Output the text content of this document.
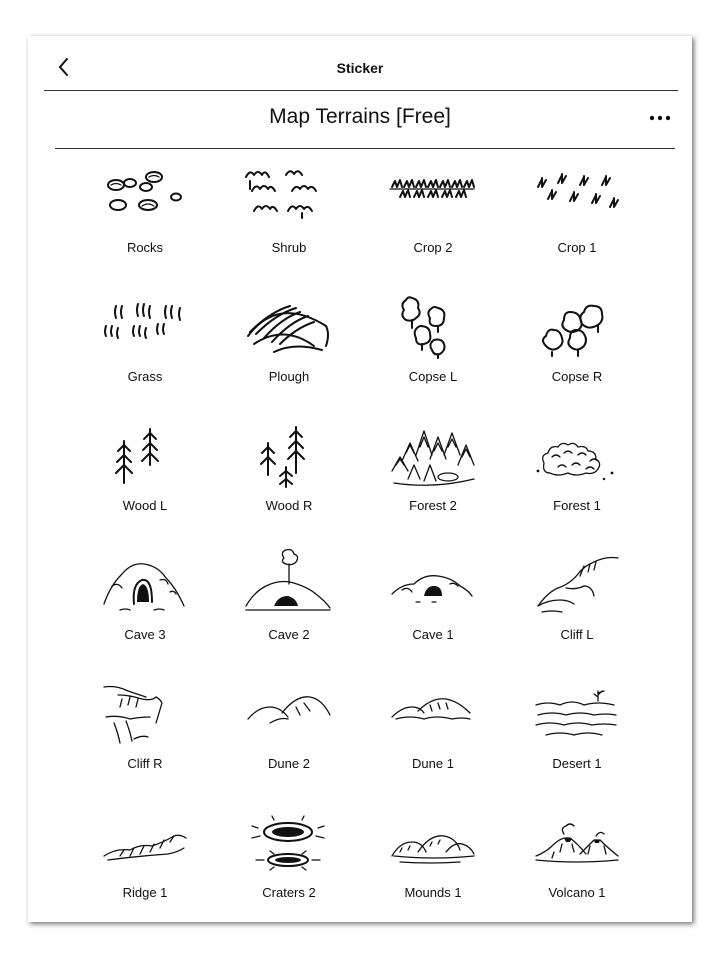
Sticker
Map Terrains [Free]
Rocks	Shrub	Crop 2	Crop 1
Grass	Plough	Copse L	Copse R
Wood L	Wood R	Forest 2	Forest 1
Cave 3	Cave 2	Cave 1	Cliff L
Cliff R	Dune 2	Dune 1	Desert 1
Ridge 1	Craters 2	Mounds 1	Volcano 1
